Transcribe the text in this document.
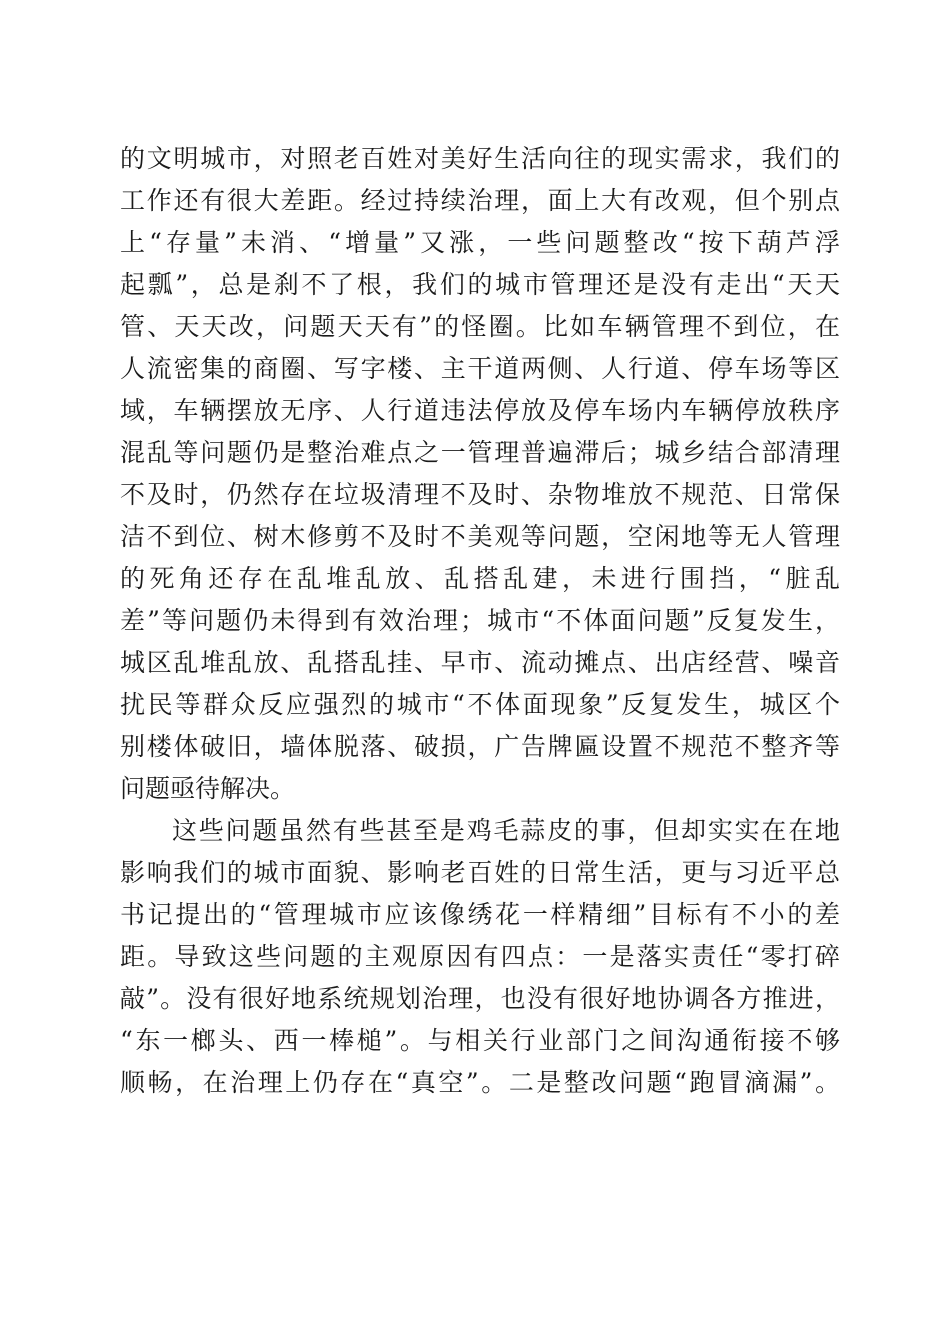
的文明城市，对照老百姓对美好生活向往的现实需求，我们的
工作还有很大差距。经过持续治理，面上大有改观，但个别点
上“存量”未消、“增量”又涨，一些问题整改“按下葫芦浮
起瓢”，总是刹不了根，我们的城市管理还是没有走出“天天
管、天天改，问题天天有”的怪圈。比如车辆管理不到位，在
人流密集的商圈、写字楼、主干道两侧、人行道、停车场等区
域，车辆摆放无序、人行道违法停放及停车场内车辆停放秩序
混乱等问题仍是整治难点之一管理普遍滞后；城乡结合部清理
不及时，仍然存在垃圾清理不及时、杂物堆放不规范、日常保
洁不到位、树木修剪不及时不美观等问题，空闲地等无人管理
的死角还存在乱堆乱放、乱搭乱建，未进行围挡，“脏乱
差”等问题仍未得到有效治理；城市“不体面问题”反复发生，
城区乱堆乱放、乱搭乱挂、早市、流动摊点、出店经营、噪音
扰民等群众反应强烈的城市“不体面现象”反复发生，城区个
别楼体破旧，墙体脱落、破损，广告牌匾设置不规范不整齐等
问题亟待解决。
这些问题虽然有些甚至是鸡毛蒜皮的事，但却实实在在地
影响我们的城市面貌、影响老百姓的日常生活，更与习近平总
书记提出的“管理城市应该像绣花一样精细”目标有不小的差
距。导致这些问题的主观原因有四点：一是落实责任“零打碎
敲”。没有很好地系统规划治理，也没有很好地协调各方推进，
“东一榔头、西一棒槌”。与相关行业部门之间沟通衔接不够
顺畅，在治理上仍存在“真空”。二是整改问题“跑冒滴漏”。
